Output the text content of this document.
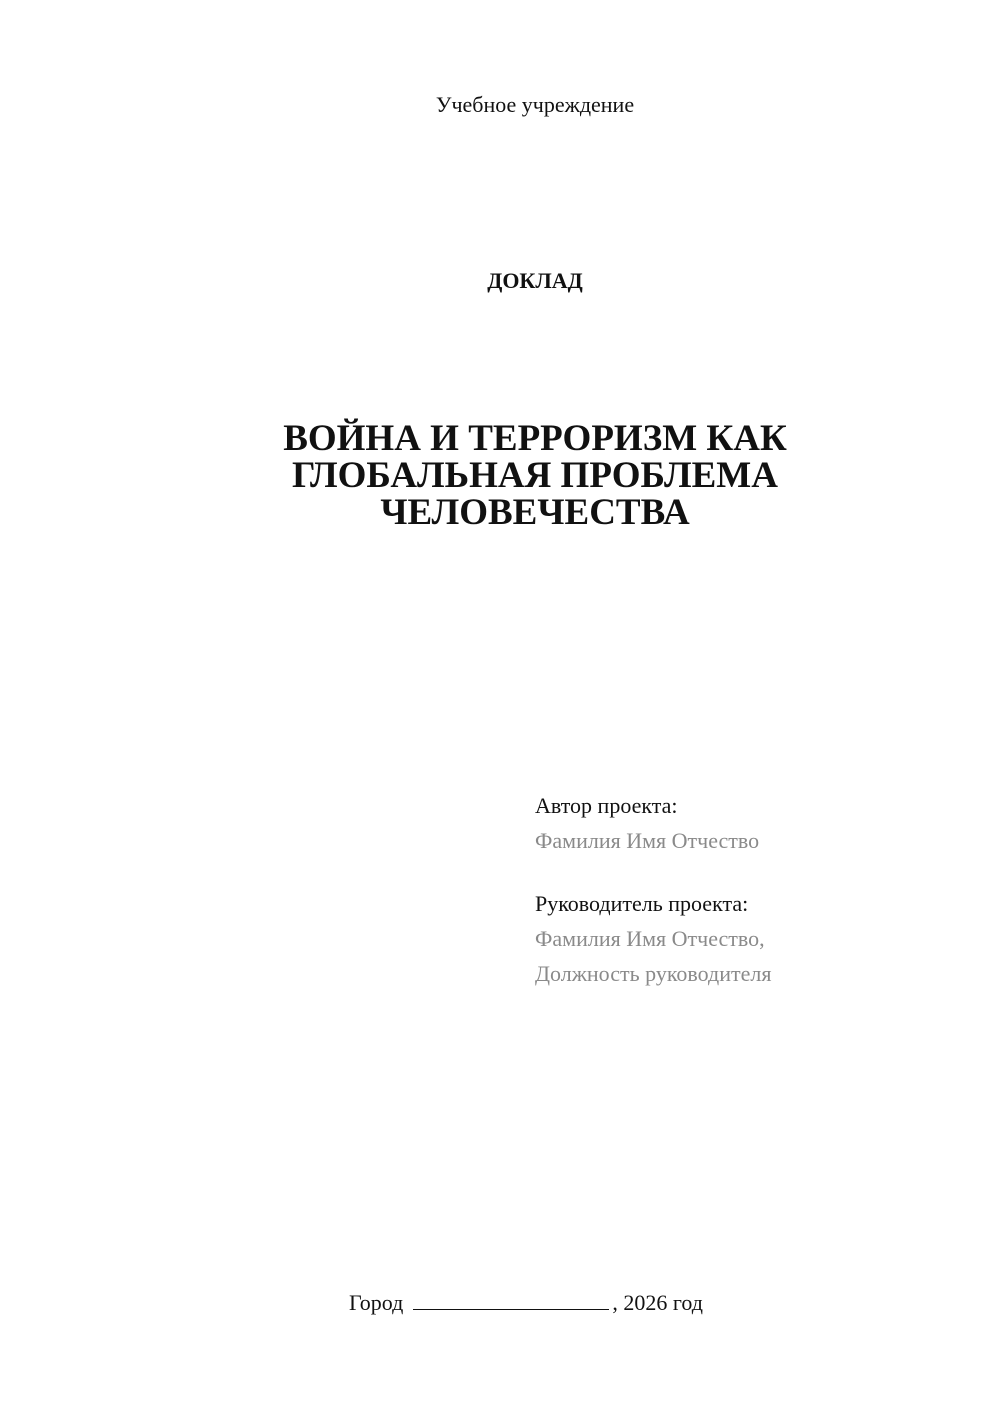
Учебное учреждение
ДОКЛАД
ВОЙНА И ТЕРРОРИЗМ КАК
ГЛОБАЛЬНАЯ ПРОБЛЕМА
ЧЕЛОВЕЧЕСТВА
Автор проекта:
Фамилия Имя Отчество
Руководитель проекта:
Фамилия Имя Отчество,
Должность руководителя
Город	, 2026 год
